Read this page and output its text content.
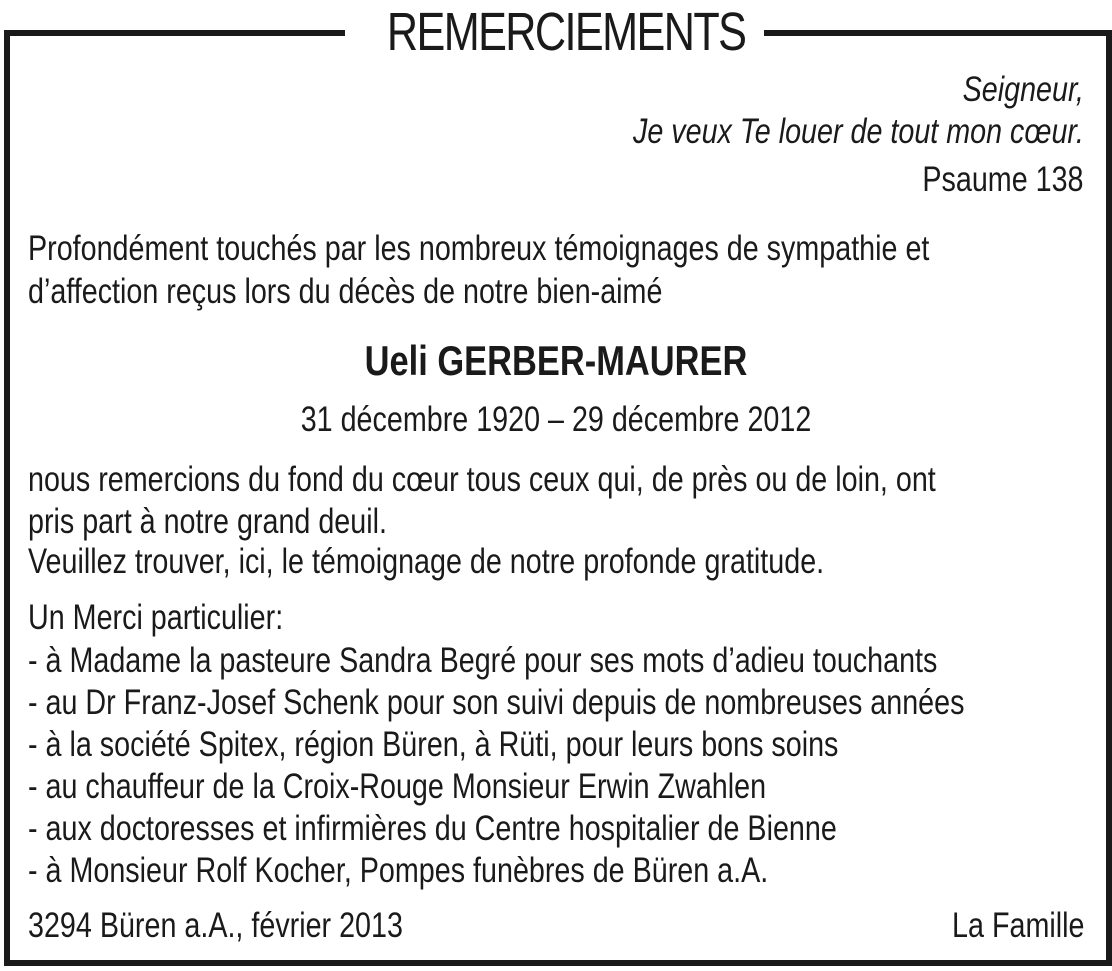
REMERCIEMENTS
Seigneur,
Je veux Te louer de tout mon cœur.
Psaume 138
Profondément touchés par les nombreux témoignages de sympathie et
d’affection reçus lors du décès de notre bien-aimé
Ueli GERBER-MAURER
31 décembre 1920 – 29 décembre 2012
nous remercions du fond du cœur tous ceux qui, de près ou de loin, ont
pris part à notre grand deuil.
Veuillez trouver, ici, le témoignage de notre profonde gratitude.
Un Merci particulier:
- à Madame la pasteure Sandra Begré pour ses mots d’adieu touchants
- au Dr Franz-Josef Schenk pour son suivi depuis de nombreuses années
- à la société Spitex, région Büren, à Rüti, pour leurs bons soins
- au chauffeur de la Croix-Rouge Monsieur Erwin Zwahlen
- aux doctoresses et infirmières du Centre hospitalier de Bienne
- à Monsieur Rolf Kocher, Pompes funèbres de Büren a.A.
3294 Büren a.A., février 2013	La Famille
